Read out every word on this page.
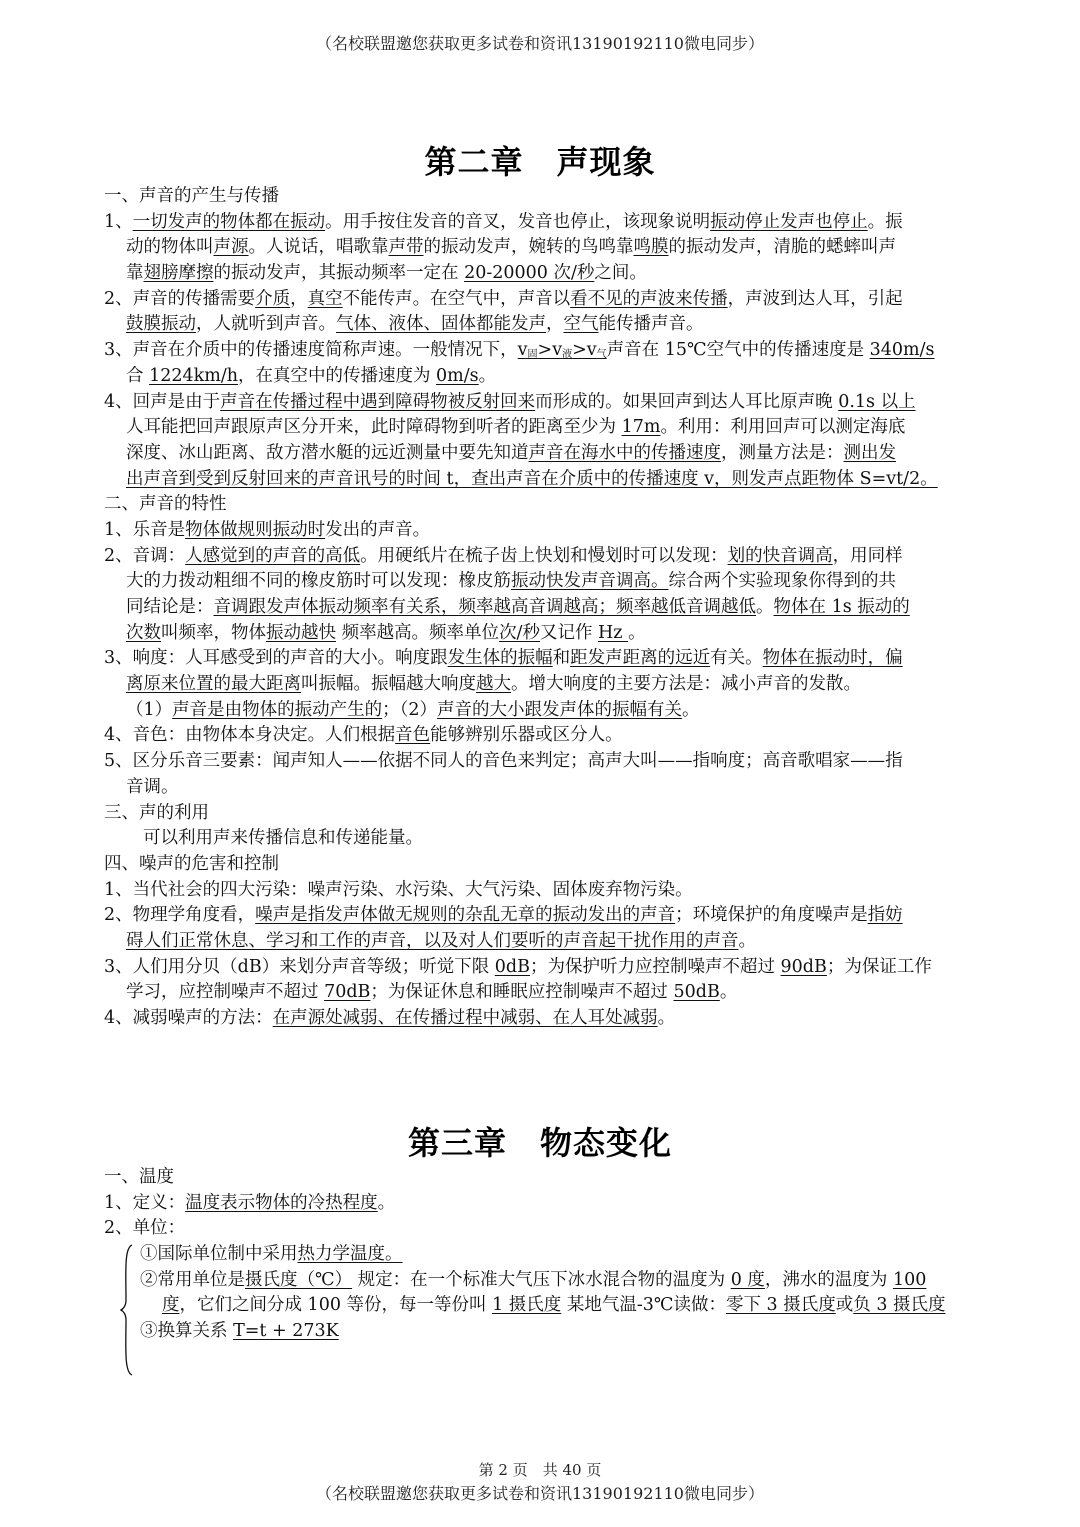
（名校联盟邀您获取更多试卷和资讯13190192110微电同步）
第二章　声现象
一、声音的产生与传播
1、一切发声的物体都在振动。用手按住发音的音叉，发音也停止，该现象说明振动停止发声也停止。振
动的物体叫声源。人说话，唱歌靠声带的振动发声，婉转的鸟鸣靠鸣膜的振动发声，清脆的蟋蟀叫声
靠翅膀摩擦的振动发声，其振动频率一定在 20-20000 次/秒之间。
2、声音的传播需要介质，真空不能传声。在空气中，声音以看不见的声波来传播，声波到达人耳，引起
鼓膜振动，人就听到声音。气体、液体、固体都能发声，空气能传播声音。
3、声音在介质中的传播速度简称声速。一般情况下，$v_固>v_液>v_气$声音在 15℃空气中的传播速度是 340m/s
合 1224km/h，在真空中的传播速度为 0m/s。
4、回声是由于声音在传播过程中遇到障碍物被反射回来而形成的。如果回声到达人耳比原声晚 0.1s 以上
人耳能把回声跟原声区分开来，此时障碍物到听者的距离至少为 17m。利用：利用回声可以测定海底
深度、冰山距离、敌方潜水艇的远近测量中要先知道声音在海水中的传播速度，测量方法是：测出发
出声音到受到反射回来的声音讯号的时间 t，查出声音在介质中的传播速度 v，则发声点距物体 S=vt/2。
二、声音的特性
1、乐音是物体做规则振动时发出的声音。
2、音调：人感觉到的声音的高低。用硬纸片在梳子齿上快划和慢划时可以发现：划的快音调高，用同样
大的力拨动粗细不同的橡皮筋时可以发现：橡皮筋振动快发声音调高。综合两个实验现象你得到的共
同结论是：音调跟发声体振动频率有关系，频率越高音调越高；频率越低音调越低。物体在 1s 振动的
次数叫频率，物体振动越快 频率越高。频率单位次/秒又记作 Hz 。
3、响度：人耳感受到的声音的大小。响度跟发生体的振幅和距发声距离的远近有关。物体在振动时，偏
离原来位置的最大距离叫振幅。振幅越大响度越大。增大响度的主要方法是：减小声音的发散。
（1）声音是由物体的振动产生的；（2）声音的大小跟发声体的振幅有关。
4、音色：由物体本身决定。人们根据音色能够辨别乐器或区分人。
5、区分乐音三要素：闻声知人——依据不同人的音色来判定；高声大叫——指响度；高音歌唱家——指
音调。
三、声的利用
可以利用声来传播信息和传递能量。
四、噪声的危害和控制
1、当代社会的四大污染：噪声污染、水污染、大气污染、固体废弃物污染。
2、物理学角度看，噪声是指发声体做无规则的杂乱无章的振动发出的声音；环境保护的角度噪声是指妨
碍人们正常休息、学习和工作的声音，以及对人们要听的声音起干扰作用的声音。
3、人们用分贝（dB）来划分声音等级；听觉下限 0dB；为保护听力应控制噪声不超过 90dB；为保证工作
学习，应控制噪声不超过 70dB；为保证休息和睡眠应控制噪声不超过 50dB。
4、减弱噪声的方法：在声源处减弱、在传播过程中减弱、在人耳处减弱。
第三章　物态变化
一、温度
1、定义：温度表示物体的冷热程度。
2、单位：
①国际单位制中采用热力学温度。
②常用单位是摄氏度（℃） 规定：在一个标准大气压下冰水混合物的温度为 0 度，沸水的温度为 100
度，它们之间分成 100 等份，每一等份叫 1 摄氏度 某地气温-3℃读做：零下 3 摄氏度或负 3 摄氏度
③换算关系 T=t + 273K
第 2 页　共 40 页
（名校联盟邀您获取更多试卷和资讯13190192110微电同步）
